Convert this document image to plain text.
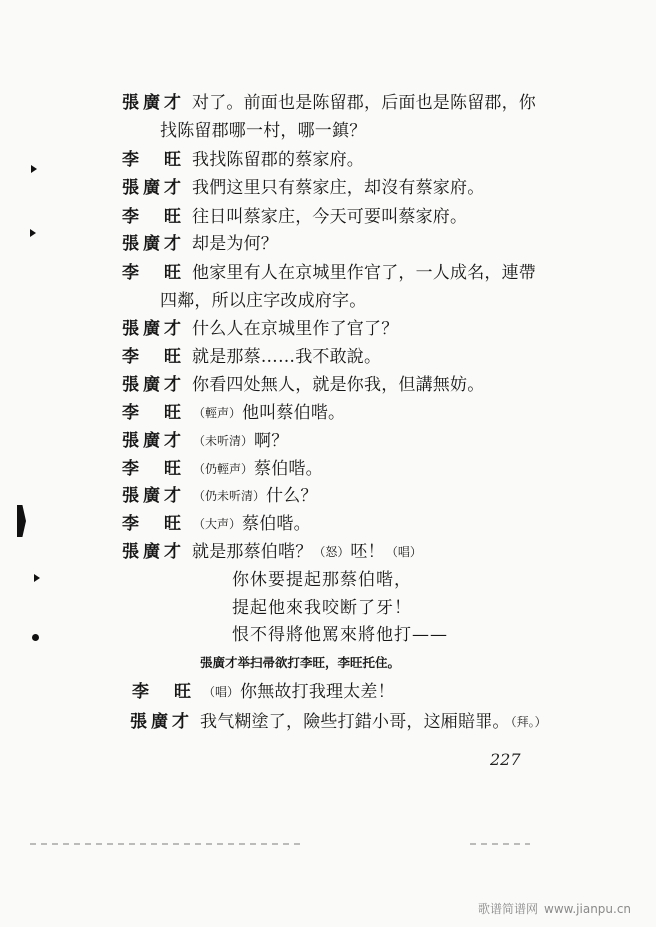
張廣才 对了。前面也是陈留郡，后面也是陈留郡，你
找陈留郡哪一村，哪一鎮？
李　旺 我找陈留郡的蔡家府。
張廣才 我們这里只有蔡家庄，却沒有蔡家府。
李　旺 往日叫蔡家庄，今天可要叫蔡家府。
張廣才 却是为何？
李　旺 他家里有人在京城里作官了，一人成名，連帶
四鄰，所以庄字改成府字。
張廣才 什么人在京城里作了官了？
李　旺 就是那蔡……我不敢說。
張廣才 你看四处無人，就是你我，但講無妨。
李　旺 （輕声）他叫蔡伯喈。
張廣才 （未听清）啊？
李　旺 （仍輕声）蔡伯喈。
張廣才 （仍未听清）什么？
李　旺 （大声）蔡伯喈。
張廣才 就是那蔡伯喈？（怒）呸！（唱）
你休要提起那蔡伯喈，
提起他來我咬断了牙！
恨不得將他罵來將他打——
張廣才举扫帚欲打李旺，李旺托住。
李　旺 （唱）你無故打我理太差！
張廣才 我气糊塗了，險些打錯小哥，这厢賠罪。（拜。）
227
歌谱简谱网 www.jianpu.cn
